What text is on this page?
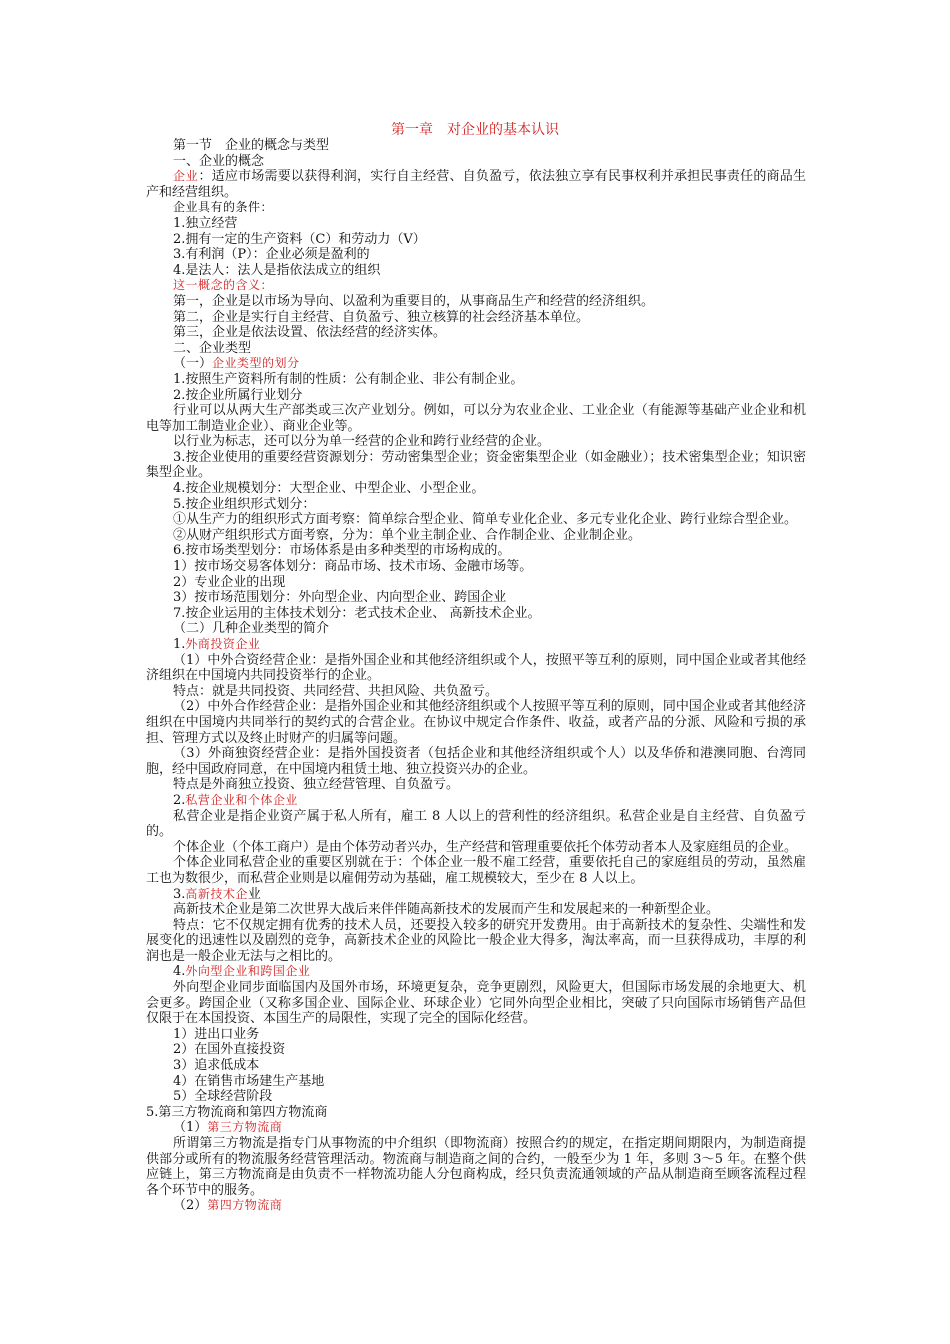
第一章　对企业的基本认识

第一节　企业的概念与类型

一、企业的概念

企业：适应市场需要以获得利润，实行自主经营、自负盈亏，依法独立享有民事权利并承担民事责任的商品生产和经营组织。

企业具有的条件：

1.独立经营

2.拥有一定的生产资料（C）和劳动力（V）

3.有利润（P）：企业必须是盈利的

4.是法人：法人是指依法成立的组织

这一概念的含义：

第一，企业是以市场为导向、以盈利为重要目的，从事商品生产和经营的经济组织。

第二，企业是实行自主经营、自负盈亏、独立核算的社会经济基本单位。

第三，企业是依法设置、依法经营的经济实体。

二、企业类型

（一）企业类型的划分

1.按照生产资料所有制的性质：公有制企业、非公有制企业。

2.按企业所属行业划分

行业可以从两大生产部类或三次产业划分。例如，可以分为农业企业、工业企业（有能源等基础产业企业和机电等加工制造业企业）、商业企业等。

以行业为标志，还可以分为单一经营的企业和跨行业经营的企业。

3.按企业使用的重要经营资源划分：劳动密集型企业；资金密集型企业（如金融业）；技术密集型企业；知识密集型企业。

4.按企业规模划分：大型企业、中型企业、小型企业。

5.按企业组织形式划分：

①从生产力的组织形式方面考察：简单综合型企业、简单专业化企业、多元专业化企业、跨行业综合型企业。

②从财产组织形式方面考察，分为：单个业主制企业、合作制企业、企业制企业。

6.按市场类型划分：市场体系是由多种类型的市场构成的。

1）按市场交易客体划分：商品市场、技术市场、金融市场等。

2）专业企业的出现

3）按市场范围划分：外向型企业、内向型企业、跨国企业

7.按企业运用的主体技术划分：老式技术企业、 高新技术企业。

（二）几种企业类型的简介

1.外商投资企业

（1）中外合资经营企业：是指外国企业和其他经济组织或个人，按照平等互利的原则，同中国企业或者其他经济组织在中国境内共同投资举行的企业。

特点：就是共同投资、共同经营、共担风险、共负盈亏。

（2）中外合作经营企业：是指外国企业和其他经济组织或个人按照平等互利的原则，同中国企业或者其他经济组织在中国境内共同举行的契约式的合营企业。在协议中规定合作条件、收益，或者产品的分派、风险和亏损的承担、管理方式以及终止时财产的归属等问题。

（3）外商独资经营企业：是指外国投资者（包括企业和其他经济组织或个人）以及华侨和港澳同胞、台湾同胞，经中国政府同意，在中国境内租赁土地、独立投资兴办的企业。

特点是外商独立投资、独立经营管理、自负盈亏。

2.私营企业和个体企业

私营企业是指企业资产属于私人所有，雇工 8 人以上的营利性的经济组织。私营企业是自主经营、自负盈亏的。

个体企业（个体工商户）是由个体劳动者兴办，生产经营和管理重要依托个体劳动者本人及家庭组员的企业。

个体企业同私营企业的重要区别就在于：个体企业一般不雇工经营，重要依托自己的家庭组员的劳动，虽然雇工也为数很少，而私营企业则是以雇佣劳动为基础，雇工规模较大，至少在 8 人以上。

3.高新技术企业

高新技术企业是第二次世界大战后来伴伴随高新技术的发展而产生和发展起来的一种新型企业。

特点：它不仅规定拥有优秀的技术人员，还要投入较多的研究开发费用。由于高新技术的复杂性、尖端性和发展变化的迅速性以及剧烈的竞争，高新技术企业的风险比一般企业大得多，淘汰率高，而一旦获得成功，丰厚的利润也是一般企业无法与之相比的。

4.外向型企业和跨国企业

外向型企业同步面临国内及国外市场，环境更复杂，竞争更剧烈，风险更大，但国际市场发展的余地更大、机会更多。跨国企业（又称多国企业、国际企业、环球企业）它同外向型企业相比，突破了只向国际市场销售产品但仅限于在本国投资、本国生产的局限性，实现了完全的国际化经营。

1）进出口业务

2）在国外直接投资

3）追求低成本

4）在销售市场建生产基地

5）全球经营阶段

5.第三方物流商和第四方物流商

（1）第三方物流商

所谓第三方物流是指专门从事物流的中介组织（即物流商）按照合约的规定，在指定期间期限内，为制造商提供部分或所有的物流服务经营管理活动。物流商与制造商之间的合约，一般至少为 1 年，多则 3～5 年。在整个供应链上，第三方物流商是由负责不一样物流功能人分包商构成，经只负责流通领域的产品从制造商至顾客流程过程各个环节中的服务。

（2）第四方物流商
